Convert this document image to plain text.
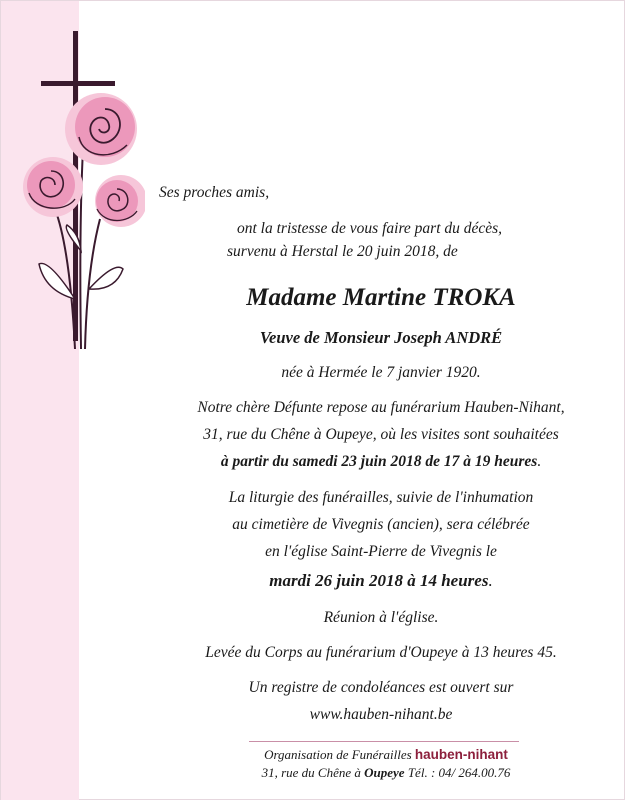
Ses proches amis,
ont la tristesse de vous faire part du décès,
survenu à Herstal le 20 juin 2018, de
Madame Martine TROKA
Veuve de Monsieur Joseph ANDRÉ
née à Hermée le 7 janvier 1920.
Notre chère Défunte repose au funérarium Hauben-Nihant,
31, rue du Chêne à Oupeye, où les visites sont souhaitées
à partir du samedi 23 juin 2018 de 17 à 19 heures.
La liturgie des funérailles, suivie de l'inhumation
au cimetière de Vivegnis (ancien), sera célébrée
en l'église Saint-Pierre de Vivegnis le
mardi 26 juin 2018 à 14 heures.
Réunion à l'église.
Levée du Corps au funérarium d'Oupeye à 13 heures 45.
Un registre de condoléances est ouvert sur
www.hauben-nihant.be
Organisation de Funérailles hauben-nihant
31, rue du Chêne à Oupeye Tél. : 04/ 264.00.76
